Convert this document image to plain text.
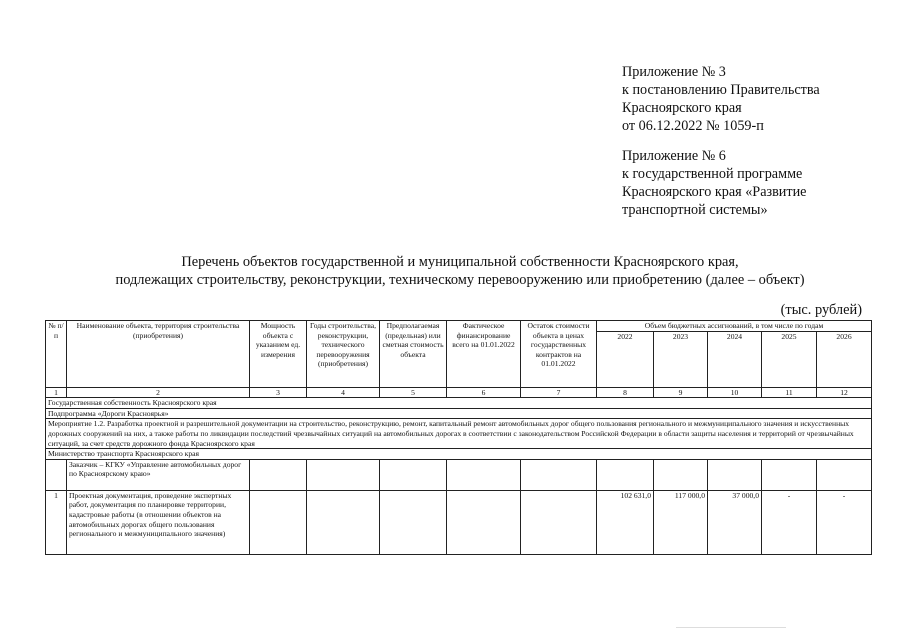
Приложение № 3
к постановлению Правительства
Красноярского края
от 06.12.2022 № 1059-п
Приложение № 6
к государственной программе
Красноярского края «Развитие
транспортной системы»
Перечень объектов государственной и муниципальной собственности Красноярского края,
подлежащих строительству, реконструкции, техническому перевооружению или приобретению (далее – объект)
(тыс. рублей)
№ п/п	Наименование объекта, территория строительства (приобретения)	Мощность объекта с указанием ед. измерения	Годы строительства, реконструкции, технического перевооружения (приобретения)	Предполагаемая (предельная) или сметная стоимость объекта	Фактическое финансирование всего на 01.01.2022	Остаток стоимости объекта в ценах государственных контрактов на 01.01.2022	Объем бюджетных ассигнований, в том числе по годам				
							2022	2023	2024	2025	2026
1	2	3	4	5	6	7	8	9	10	11	12
Государственная собственность Красноярского края											
Подпрограмма «Дороги Красноярья»											
Мероприятие 1.2. Разработка проектной и разрешительной документации на строительство, реконструкцию, ремонт, капитальный ремонт автомобильных дорог общего пользования регионального и межмуниципального значения и искусственных дорожных сооружений на них, а также работы по ликвидации последствий чрезвычайных ситуаций на автомобильных дорогах в соответствии с законодательством Российской Федерации в области защиты населения и территорий от чрезвычайных ситуаций, за счет средств дорожного фонда Красноярского края											
Министерство транспорта Красноярского края											
	Заказчик – КГКУ «Управление автомобильных дорог по Красноярскому краю»										
1	Проектная документация, проведение экспертных работ, документация по планировке территории, кадастровые работы (в отношении объектов на автомобильных дорогах общего пользования регионального и межмуниципального значения)						102 631,0	117 000,0	37 000,0	-	-
